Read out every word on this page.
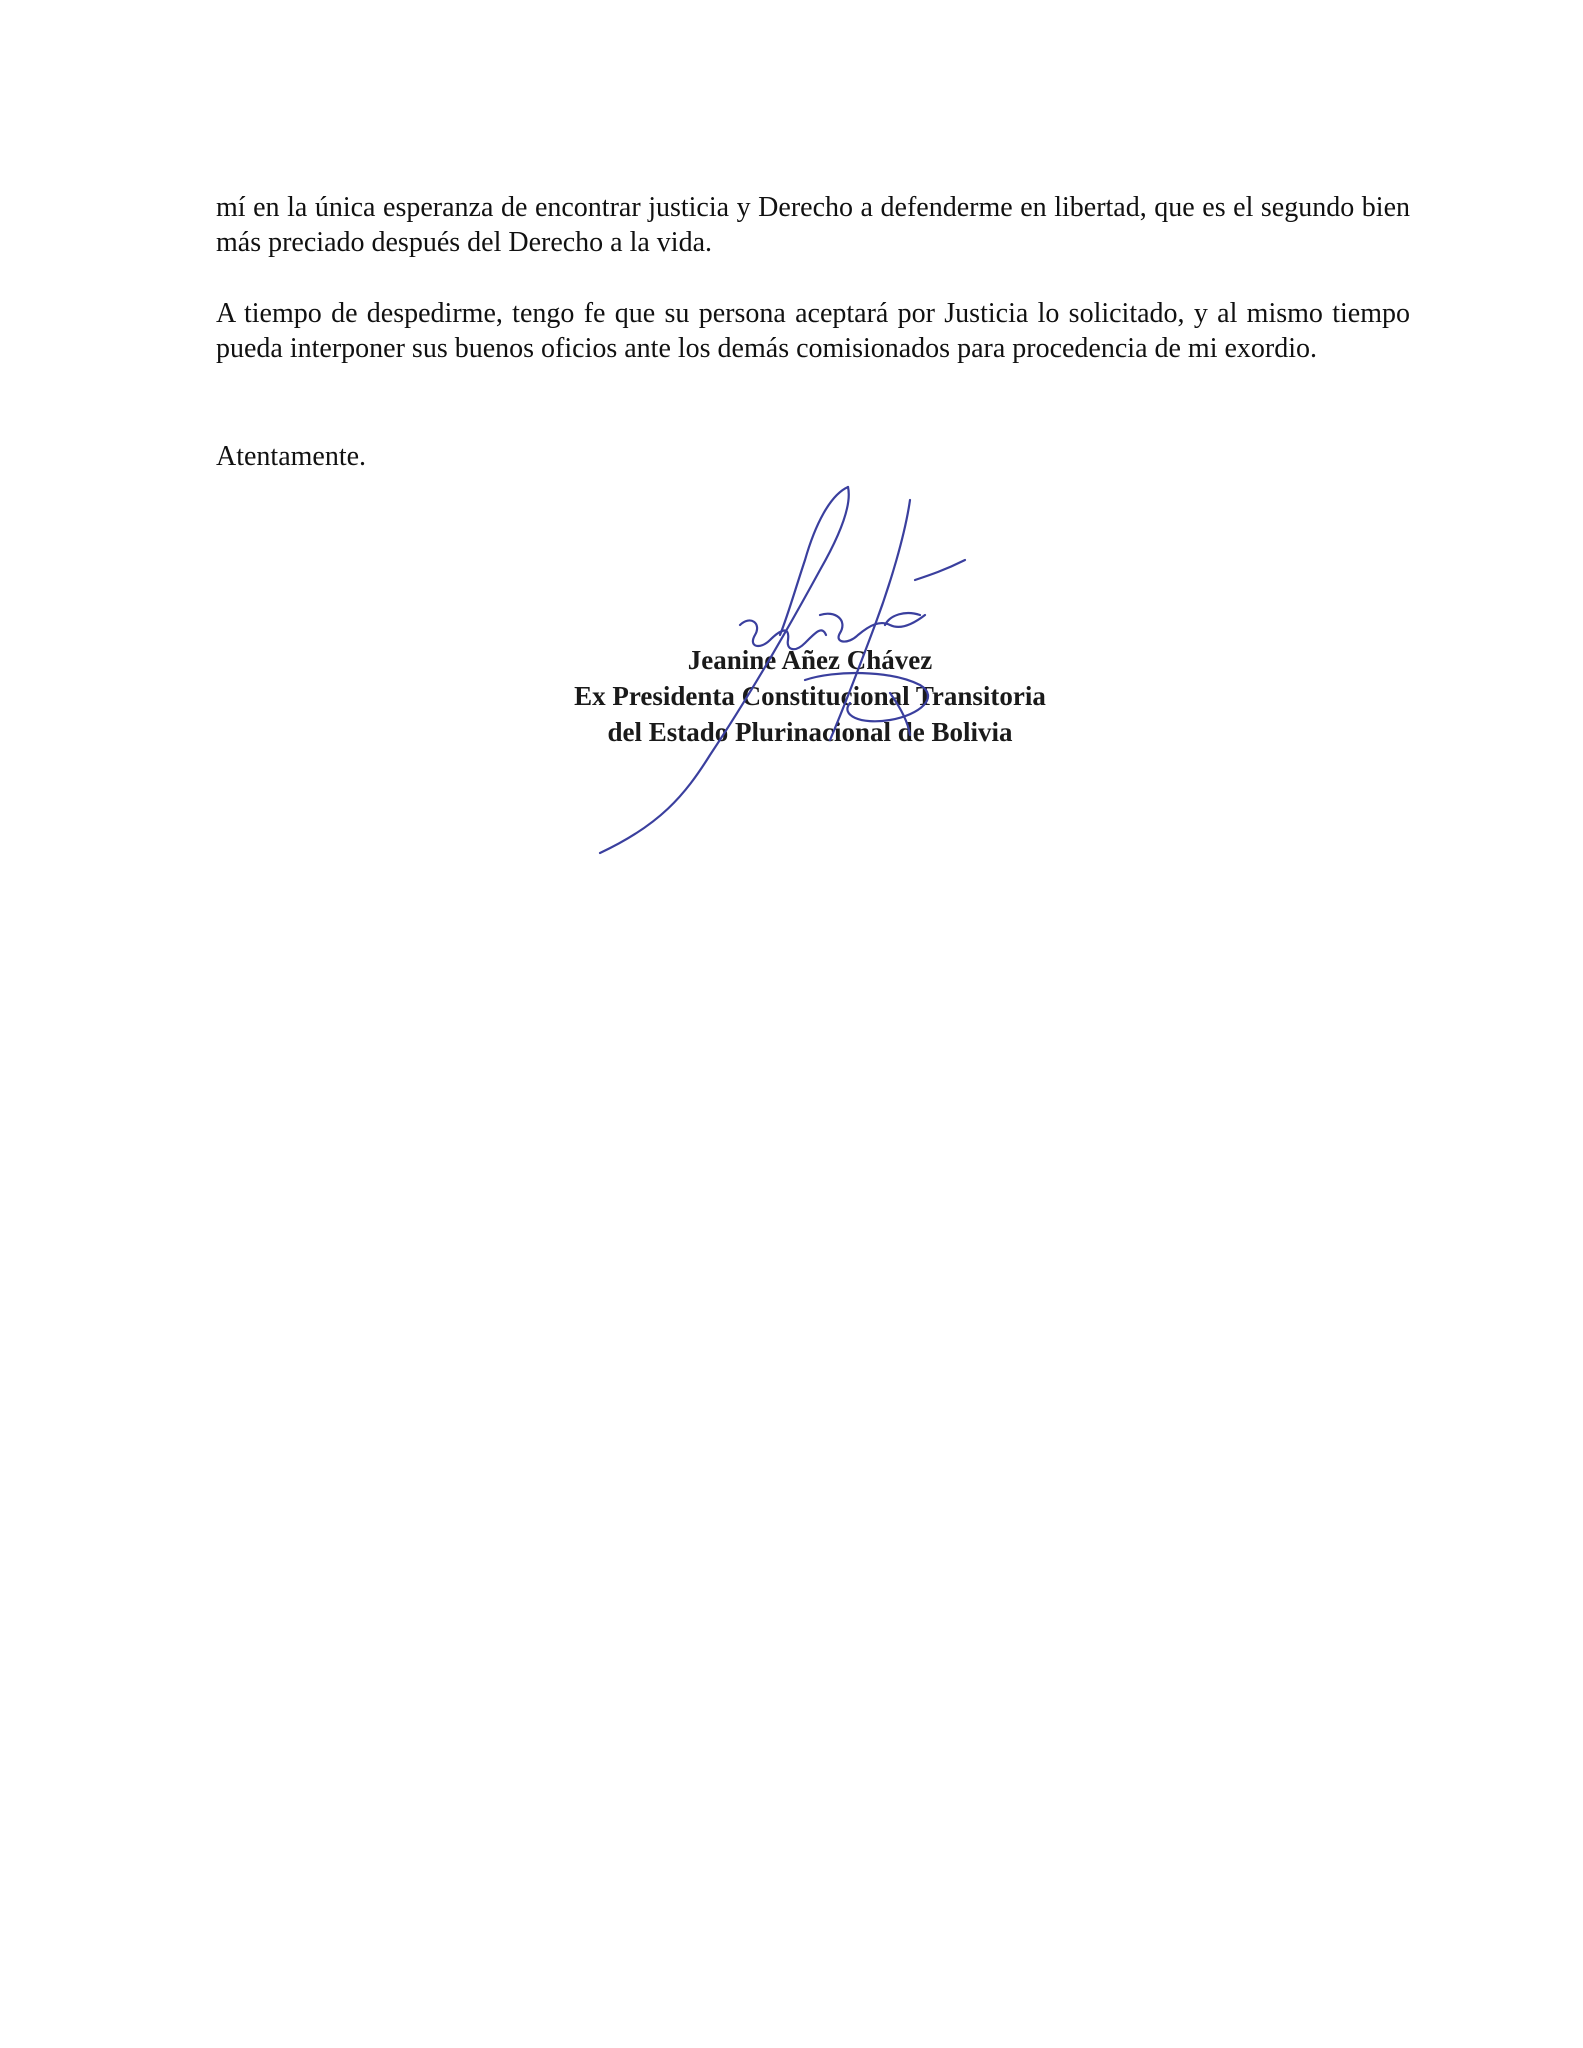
mí en la única esperanza de encontrar justicia y Derecho a defenderme en libertad, que es el segundo bien más preciado después del Derecho a la vida.

A tiempo de despedirme, tengo fe que su persona aceptará por Justicia lo solicitado, y al mismo tiempo pueda interponer sus buenos oficios ante los demás comisionados para procedencia de mi exordio.

Atentamente.

Jeanine Añez Chávez

Ex Presidenta Constitucional Transitoria

del Estado Plurinacional de Bolivia
